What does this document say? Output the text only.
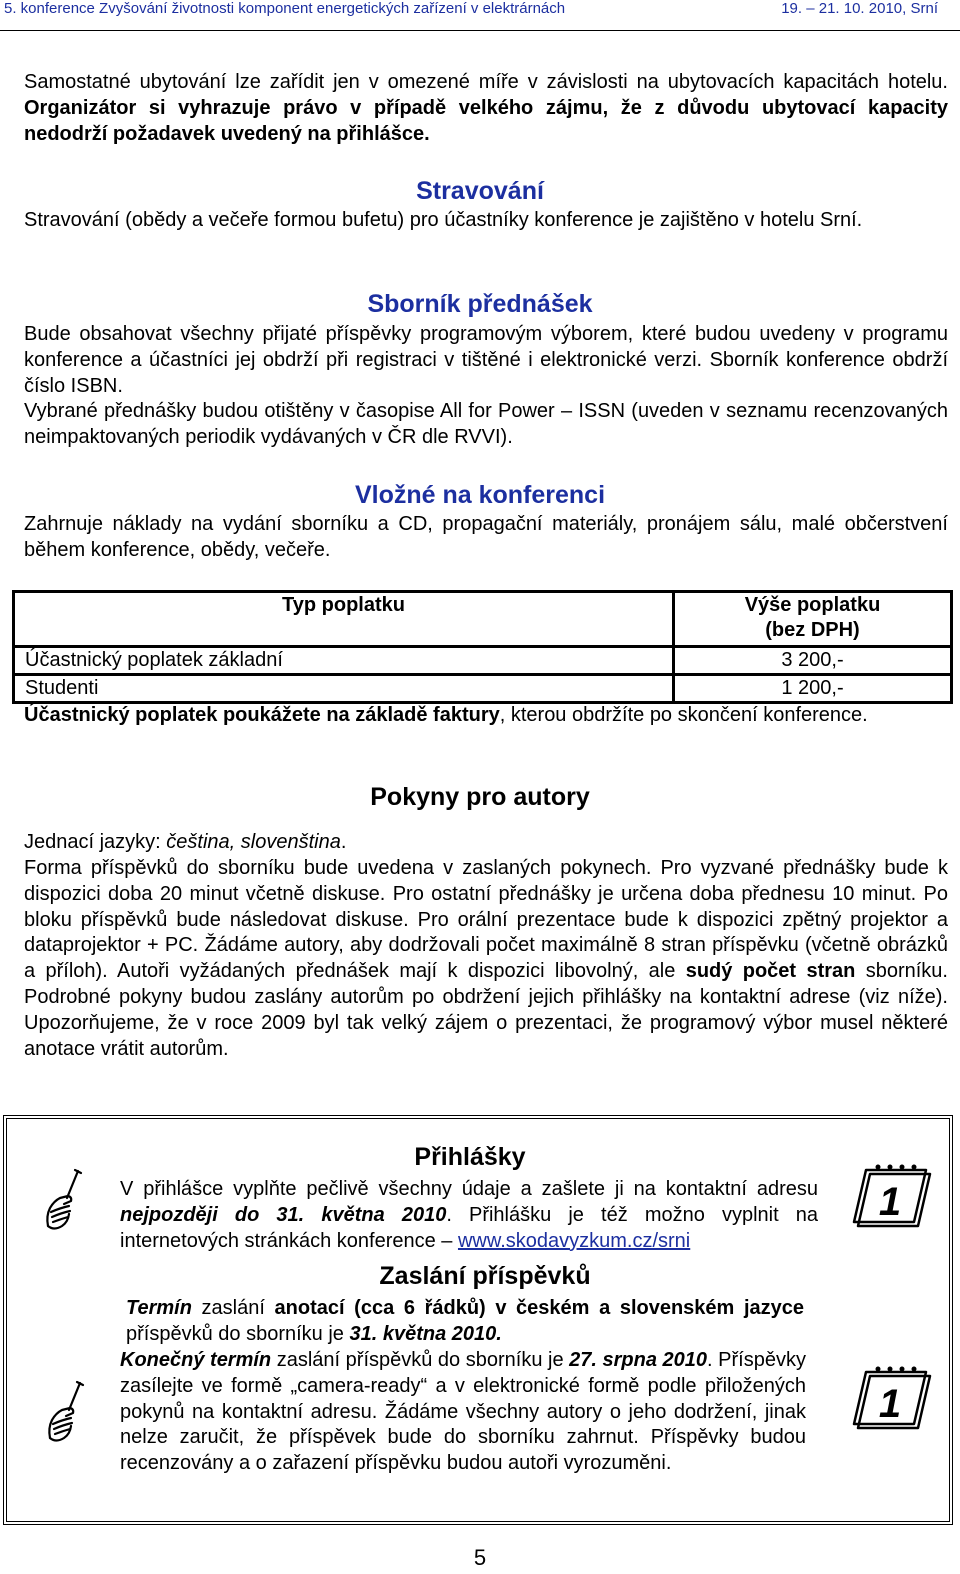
5. konference Zvyšování životnosti komponent energetických zařízení v elektrárnách	19. – 21. 10. 2010, Srní

Samostatné ubytování lze zařídit jen v omezené míře v závislosti na ubytovacích kapacitách hotelu. Organizátor si vyhrazuje právo v případě velkého zájmu, že z důvodu ubytovací kapacity nedodrží požadavek uvedený na přihlášce.

Stravování

Stravování (obědy a večeře formou bufetu) pro účastníky konference je zajištěno v hotelu Srní.

Sborník přednášek

Bude obsahovat všechny přijaté příspěvky programovým výborem, které budou uvedeny v programu konference a účastníci jej obdrží při registraci v tištěné i elektronické verzi. Sborník konference obdrží číslo ISBN.

Vybrané přednášky budou otištěny v časopise All for Power – ISSN (uveden v seznamu recenzovaných neimpaktovaných periodik vydávaných v ČR dle RVVI).

Vložné na konferenci

Zahrnuje náklady na vydání sborníku a CD, propagační materiály, pronájem sálu, malé občerstvení během konference, obědy, večeře.

Typ poplatku	Výše poplatku
(bez DPH)
Účastnický poplatek základní	3 200,-
Studenti	1 200,-

Účastnický poplatek poukážete na základě faktury, kterou obdržíte po skončení konference.

Pokyny pro autory

Jednací jazyky: čeština, slovenština.

Forma příspěvků do sborníku bude uvedena v zaslaných pokynech. Pro vyzvané přednášky bude k dispozici doba 20 minut včetně diskuse. Pro ostatní přednášky je určena doba přednesu 10 minut. Po bloku příspěvků bude následovat diskuse. Pro orální prezentace bude k dispozici zpětný projektor a dataprojektor + PC. Žádáme autory, aby dodržovali počet maximálně 8 stran příspěvku (včetně obrázků a příloh). Autoři vyžádaných přednášek mají k dispozici libovolný, ale sudý počet stran sborníku. Podrobné pokyny budou zaslány autorům po obdržení jejich přihlášky na kontaktní adrese (viz níže). Upozorňujeme, že v roce 2009 byl tak velký zájem o prezentaci, že programový výbor musel některé anotace vrátit autorům.

Přihlášky

V přihlášce vyplňte pečlivě všechny údaje a zašlete ji na kontaktní adresu nejpozději do 31. května 2010. Přihlášku je též možno vyplnit na internetových stránkách konference – www.skodavyzkum.cz/srni

Zaslání příspěvků

Termín zaslání anotací (cca 6 řádků) v českém a slovenském jazyce příspěvků do sborníku je 31. května 2010.

Konečný termín zaslání příspěvků do sborníku je 27. srpna 2010. Příspěvky zasílejte ve formě „camera-ready“ a v elektronické formě podle přiložených pokynů na kontaktní adresu. Žádáme všechny autory o jeho dodržení, jinak nelze zaručit, že příspěvek bude do sborníku zahrnut. Příspěvky budou recenzovány a o zařazení příspěvku budou autoři vyrozuměni.

1
1
5
